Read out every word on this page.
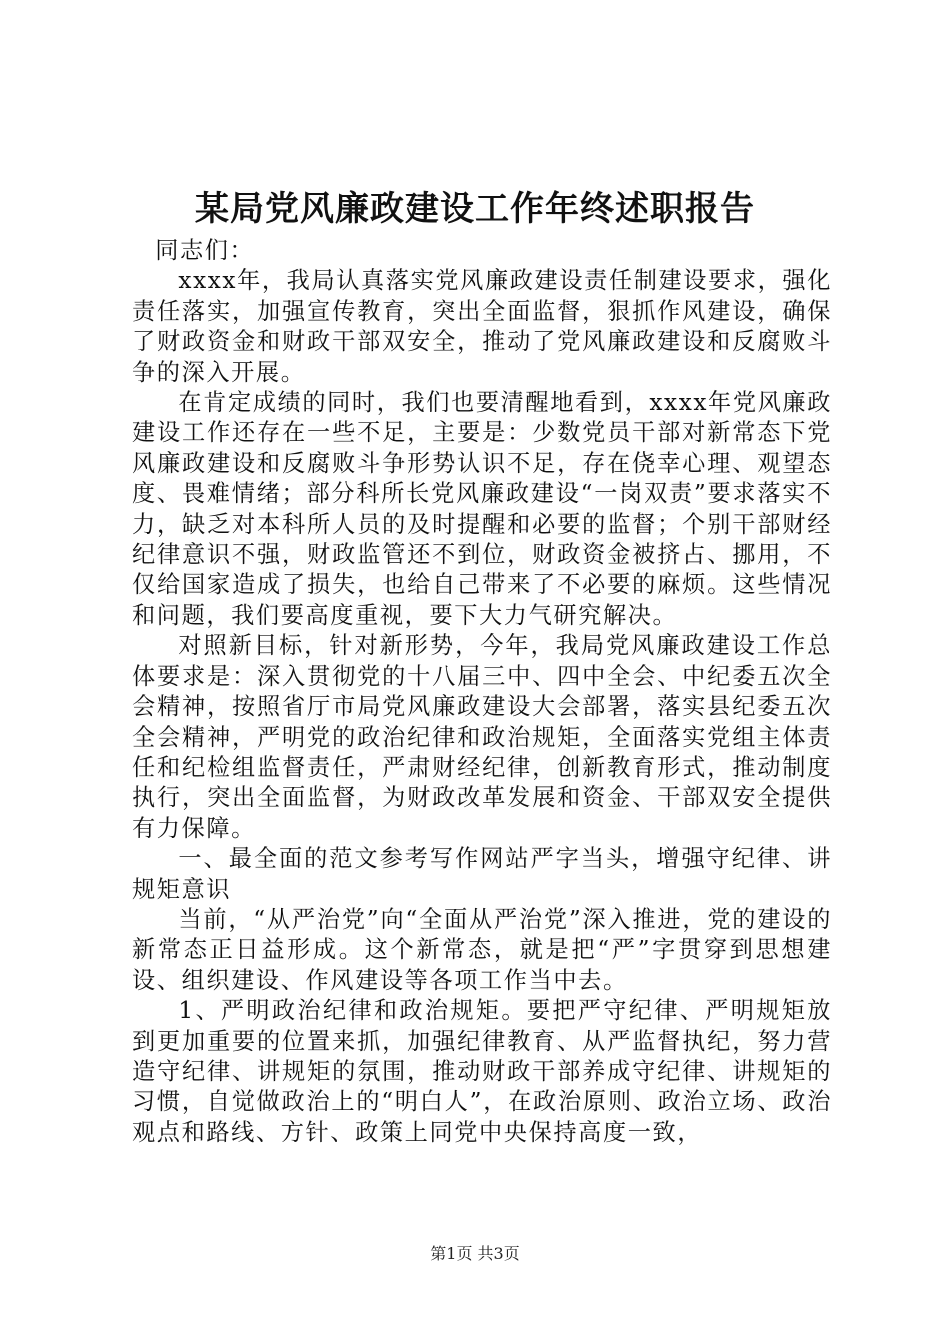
某局党风廉政建设工作年终述职报告

同志们：

xxxx年，我局认真落实党风廉政建设责任制建设要求，强化责任落实，加强宣传教育，突出全面监督，狠抓作风建设，确保了财政资金和财政干部双安全，推动了党风廉政建设和反腐败斗争的深入开展。

在肯定成绩的同时，我们也要清醒地看到，xxxx年党风廉政建设工作还存在一些不足，主要是：少数党员干部对新常态下党风廉政建设和反腐败斗争形势认识不足，存在侥幸心理、观望态度、畏难情绪；部分科所长党风廉政建设“一岗双责”要求落实不力，缺乏对本科所人员的及时提醒和必要的监督；个别干部财经纪律意识不强，财政监管还不到位，财政资金被挤占、挪用，不仅给国家造成了损失，也给自己带来了不必要的麻烦。这些情况和问题，我们要高度重视，要下大力气研究解决。

对照新目标，针对新形势，今年，我局党风廉政建设工作总体要求是：深入贯彻党的十八届三中、四中全会、中纪委五次全会精神，按照省厅市局党风廉政建设大会部署，落实县纪委五次全会精神，严明党的政治纪律和政治规矩，全面落实党组主体责任和纪检组监督责任，严肃财经纪律，创新教育形式，推动制度执行，突出全面监督，为财政改革发展和资金、干部双安全提供有力保障。

一、最全面的范文参考写作网站严字当头，增强守纪律、讲规矩意识

当前，“从严治党”向“全面从严治党”深入推进，党的建设的新常态正日益形成。这个新常态，就是把“严”字贯穿到思想建设、组织建设、作风建设等各项工作当中去。

1、严明政治纪律和政治规矩。要把严守纪律、严明规矩放到更加重要的位置来抓，加强纪律教育、从严监督执纪，努力营造守纪律、讲规矩的氛围，推动财政干部养成守纪律、讲规矩的习惯，自觉做政治上的“明白人”，在政治原则、政治立场、政治观点和路线、方针、政策上同党中央保持高度一致，

第1页 共3页
